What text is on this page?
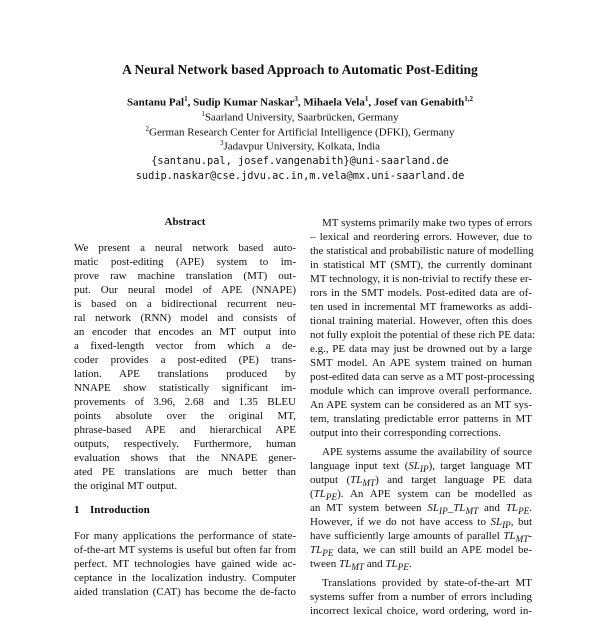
A Neural Network based Approach to Automatic Post-Editing
Santanu Pal$^1$, Sudip Kumar Naskar$^3$, Mihaela Vela$^1$, Josef van Genabith$^{1,2}$
$^1$Saarland University, Saarbrücken, Germany
$^2$German Research Center for Artificial Intelligence (DFKI), Germany
$^3$Jadavpur University, Kolkata, India
{santanu.pal, josef.vangenabith}@uni-saarland.de
sudip.naskar@cse.jdvu.ac.in,m.vela@mx.uni-saarland.de
Abstract
We present a neural network based auto-
matic post-editing (APE) system to im-
prove raw machine translation (MT) out-
put. Our neural model of APE (NNAPE)
is based on a bidirectional recurrent neu-
ral network (RNN) model and consists of
an encoder that encodes an MT output into
a fixed-length vector from which a de-
coder provides a post-edited (PE) trans-
lation. APE translations produced by
NNAPE show statistically significant im-
provements of 3.96, 2.68 and 1.35 BLEU
points absolute over the original MT,
phrase-based APE and hierarchical APE
outputs, respectively. Furthermore, human
evaluation shows that the NNAPE gener-
ated PE translations are much better than
the original MT output.
1 Introduction
For many applications the performance of state-
of-the-art MT systems is useful but often far from
perfect. MT technologies have gained wide ac-
ceptance in the localization industry. Computer
aided translation (CAT) has become the de-facto
MT systems primarily make two types of errors
– lexical and reordering errors. However, due to
the statistical and probabilistic nature of modelling
in statistical MT (SMT), the currently dominant
MT technology, it is non-trivial to rectify these er-
rors in the SMT models. Post-edited data are of-
ten used in incremental MT frameworks as addi-
tional training material. However, often this does
not fully exploit the potential of these rich PE data:
e.g., PE data may just be drowned out by a large
SMT model. An APE system trained on human
post-edited data can serve as a MT post-processing
module which can improve overall performance.
An APE system can be considered as an MT sys-
tem, translating predictable error patterns in MT
output into their corresponding corrections.
APE systems assume the availability of source
language input text $(SL_{IP})$, target language MT
output $(TL_{MT})$ and target language PE data
$(TL_{PE})$. An APE system can be modelled as
an MT system between $SL_{IP}\_TL_{MT}$ and $TL_{PE}$.
However, if we do not have access to $SL_{IP}$, but
have sufficiently large amounts of parallel $TL_{MT}-$
$TL_{PE}$ data, we can still build an APE model be-
tween $TL_{MT}$ and $TL_{PE}$.
Translations provided by state-of-the-art MT
systems suffer from a number of errors including
incorrect lexical choice, word ordering, word in-
